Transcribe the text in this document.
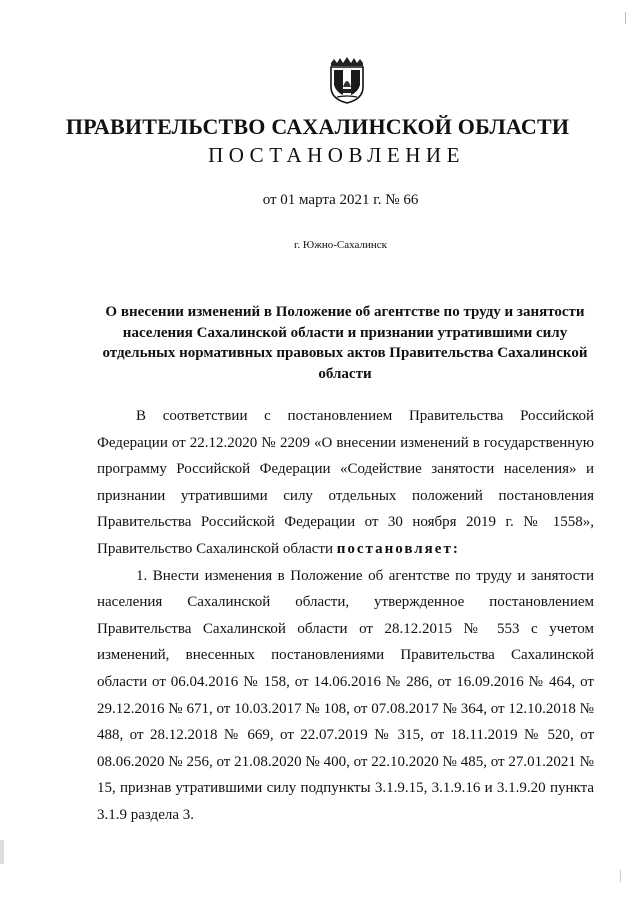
ПРАВИТЕЛЬСТВО САХАЛИНСКОЙ ОБЛАСТИ
ПОСТАНОВЛЕНИЕ
от 01 марта 2021 г. № 66
г. Южно-Сахалинск
О внесении изменений в Положение об агентстве по труду и занятости населения Сахалинской области и признании утратившими силу отдельных нормативных правовых актов Правительства Сахалинской области

В соответствии с постановлением Правительства Российской Федерации от 22.12.2020 № 2209 «О внесении изменений в государственную программу Российской Федерации «Содействие занятости населения» и признании утратившими силу отдельных положений постановления Правительства Российской Федерации от 30 ноября 2019 г. № 1558», Правительство Сахалинской области постановляет:

1. Внести изменения в Положение об агентстве по труду и занятости населения Сахалинской области, утвержденное постановлением Правительства Сахалинской области от 28.12.2015 № 553 с учетом изменений, внесенных постановлениями Правительства Сахалинской области от 06.04.2016 № 158, от 14.06.2016 № 286, от 16.09.2016 № 464, от 29.12.2016 № 671, от 10.03.2017 № 108, от 07.08.2017 № 364, от 12.10.2018 № 488, от 28.12.2018 № 669, от 22.07.2019 № 315, от 18.11.2019 № 520, от 08.06.2020 № 256, от 21.08.2020 № 400, от 22.10.2020 № 485, от 27.01.2021 № 15, признав утратившими силу подпункты 3.1.9.15, 3.1.9.16 и 3.1.9.20 пункта 3.1.9 раздела 3.
